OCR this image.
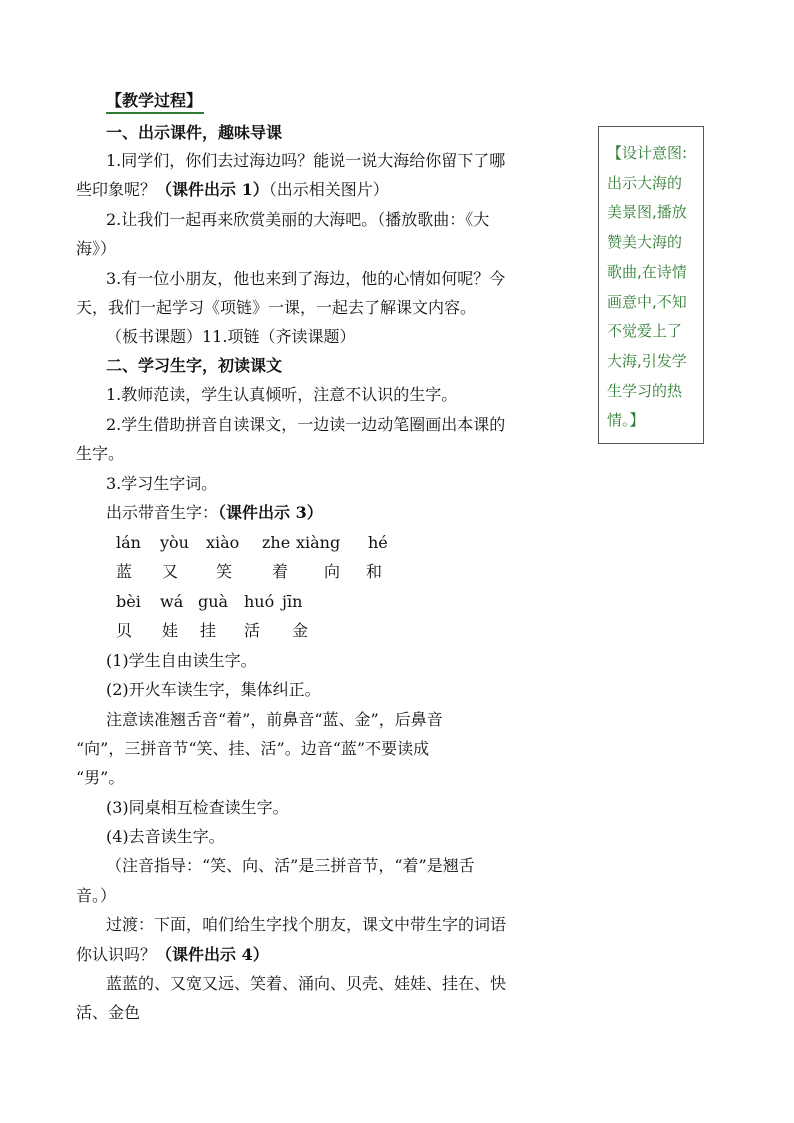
【教学过程】
一、出示课件，趣味导课
1.同学们，你们去过海边吗？能说一说大海给你留下了哪
些印象呢？（课件出示 1）（出示相关图片）
2.让我们一起再来欣赏美丽的大海吧。（播放歌曲：《大
海》）
3.有一位小朋友，他也来到了海边，他的心情如何呢？今
天，我们一起学习《项链》一课，一起去了解课文内容。
（板书课题）11.项链（齐读课题）
二、学习生字，初读课文
1.教师范读，学生认真倾听，注意不认识的生字。
2.学生借助拼音自读课文，一边读一边动笔圈画出本课的
生字。
3.学习生字词。
出示带音生字：（课件出示 3）
lán yòu xiào zhe xiàng hé
蓝 又 笑 着 向 和
bèi wá guà huó jīn
贝 娃 挂 活 金
(1)学生自由读生字。
(2)开火车读生字，集体纠正。
注意读准翘舌音“着”，前鼻音“蓝、金”，后鼻音
“向”，三拼音节“笑、挂、活”。边音“蓝”不要读成
“男”。
(3)同桌相互检查读生字。
(4)去音读生字。
（注音指导：“笑、向、活”是三拼音节，“着”是翘舌
音。）
过渡：下面，咱们给生字找个朋友，课文中带生字的词语
你认识吗？（课件出示 4）
蓝蓝的、又宽又远、笑着、涌向、贝壳、娃娃、挂在、快
活、金色
【设计意图:
出示大海的
美景图,播放
赞美大海的
歌曲,在诗情
画意中,不知
不觉爱上了
大海,引发学
生学习的热
情。】
